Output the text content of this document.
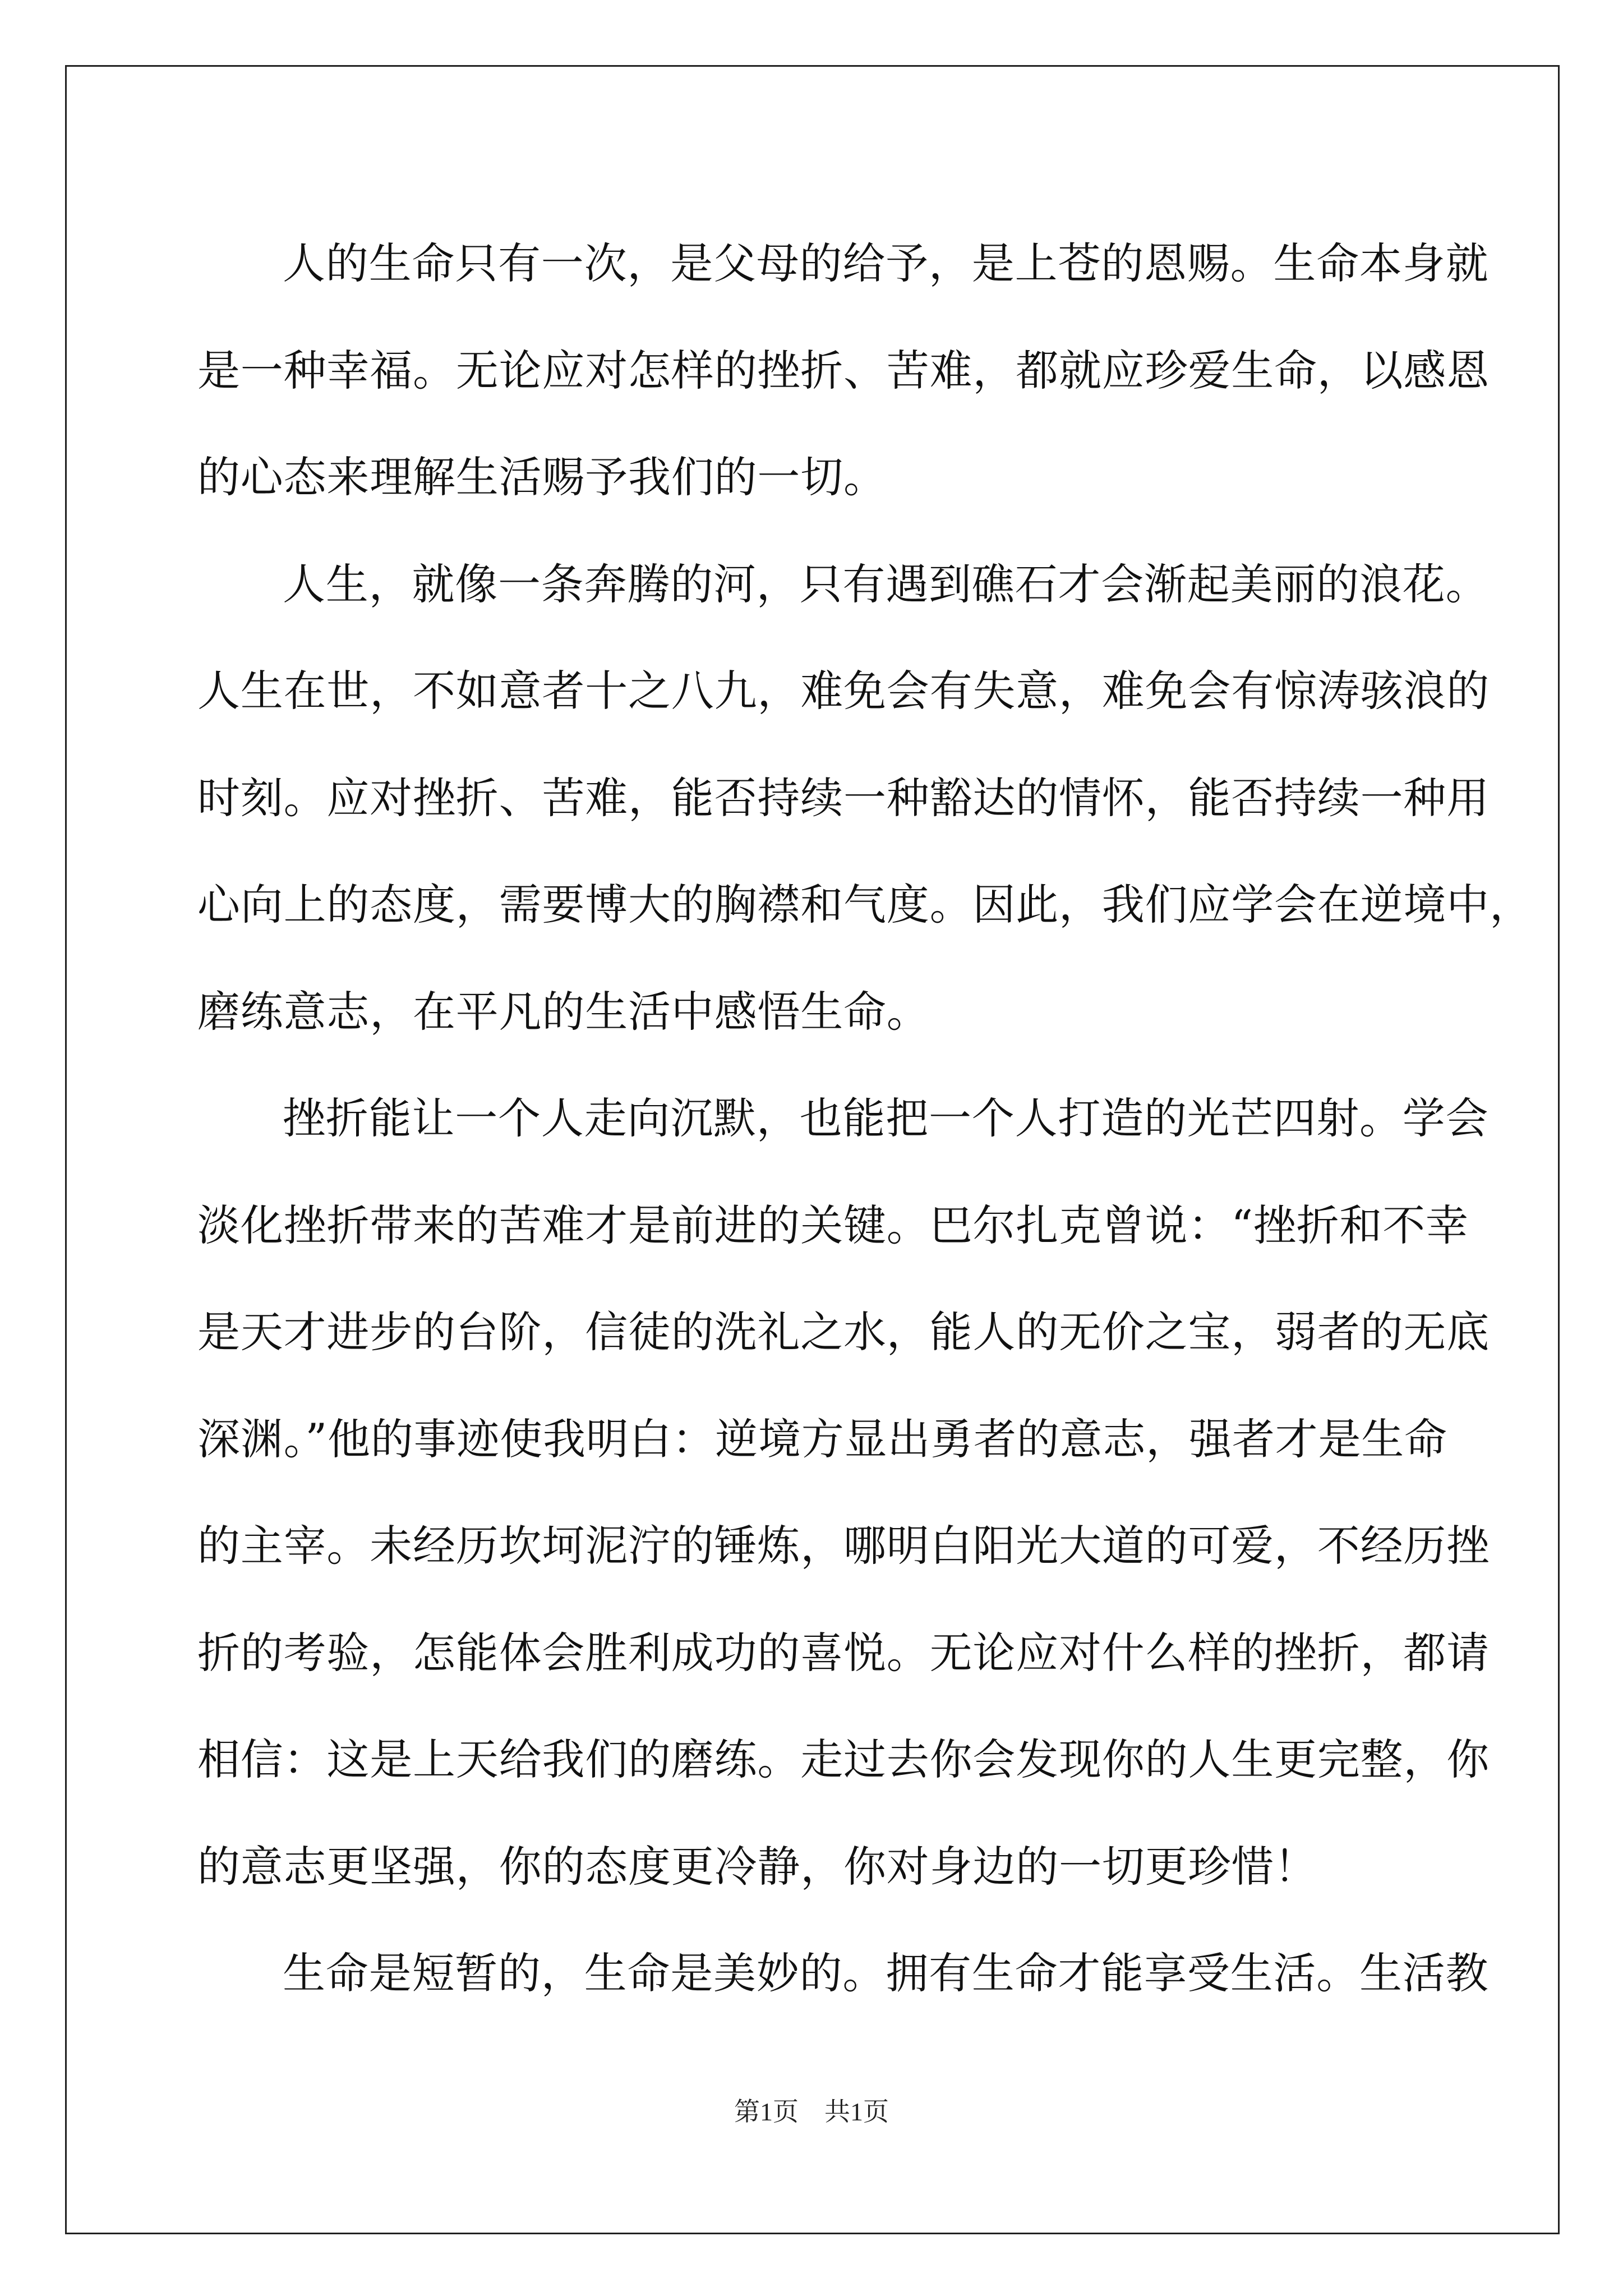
人的生命只有一次，是父母的给予，是上苍的恩赐。生命本身就
是一种幸福。无论应对怎样的挫折、苦难，都就应珍爱生命，以感恩
的心态来理解生活赐予我们的一切。
人生，就像一条奔腾的河，只有遇到礁石才会渐起美丽的浪花。
人生在世，不如意者十之八九，难免会有失意，难免会有惊涛骇浪的
时刻。应对挫折、苦难，能否持续一种豁达的情怀，能否持续一种用
心向上的态度，需要博大的胸襟和气度。因此，我们应学会在逆境中，
磨练意志，在平凡的生活中感悟生命。
挫折能让一个人走向沉默，也能把一个人打造的光芒四射。学会
淡化挫折带来的苦难才是前进的关键。巴尔扎克曾说：“挫折和不幸
是天才进步的台阶，信徒的洗礼之水，能人的无价之宝，弱者的无底
深渊。”他的事迹使我明白：逆境方显出勇者的意志，强者才是生命
的主宰。未经历坎坷泥泞的锤炼，哪明白阳光大道的可爱，不经历挫
折的考验，怎能体会胜利成功的喜悦。无论应对什么样的挫折，都请
相信：这是上天给我们的磨练。走过去你会发现你的人生更完整，你
的意志更坚强，你的态度更冷静，你对身边的一切更珍惜！
生命是短暂的，生命是美妙的。拥有生命才能享受生活。生活教
第1页　共1页
